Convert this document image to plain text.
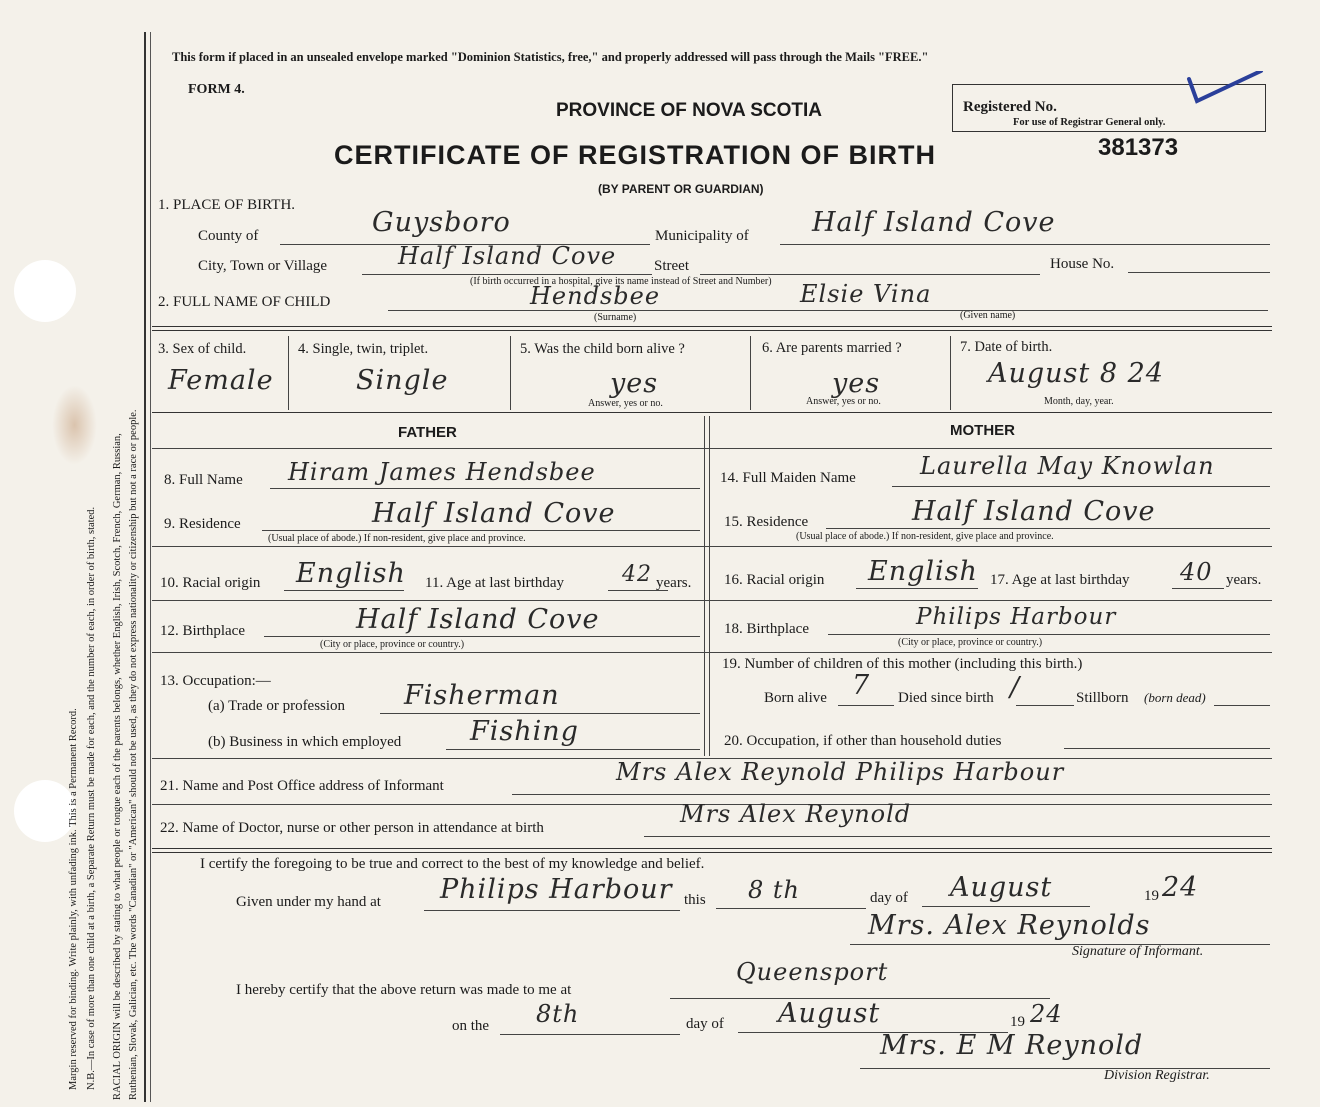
Margin reserved for binding. Write plainly, with unfading ink. This is a Permanent Record. N.B.—In case of more than one child at a birth, a Separate Return must be made for each, and the number of each, in order of birth, stated. RACIAL ORIGIN will be described by stating to what people or tongue each of the parents belongs, whether English, Irish, Scotch, French, German, Russian, Ruthenian, Slovak, Galician, etc. The words "Canadian" or "American" should not be used, as they do not express nationality or citizenship but not a race or people.
This form if placed in an unsealed envelope marked "Dominion Statistics, free," and properly addressed will pass through the Mails "FREE."
FORM 4.
PROVINCE OF NOVA SCOTIA
CERTIFICATE OF REGISTRATION OF BIRTH	381373
(BY PARENT OR GUARDIAN)
Registered No.
For use of Registrar General only.
1. PLACE OF BIRTH.
County of	Guysboro	Municipality of Half Island Cove
City, Town or Village	Half Island Cove	Street
(If birth occurred in a hospital, give its name instead of Street and Number)
House No.
2. FULL NAME OF CHILD	Hendsbee	Elsie Vina
(Surname)	(Given name)
3. Sex of child.
Female
4. Single, twin, triplet.
Single
5. Was the child born alive ?
yes
Answer, yes or no.
6. Are parents married ?
yes
Answer, yes or no.
7. Date of birth.
August 8 24
Month, day, year.
FATHER	MOTHER
8. Full Name Hiram James Hendsbee
9. Residence	Half Island Cove
(Usual place of abode.) If non-resident, give place and province.
10. Racial origin English 11. Age at last birthday	42 years.
12. Birthplace	Half Island Cove
(City or place, province or country.)
13. Occupation:—
(a) Trade or profession Fisherman
(b) Business in which employed	Fishing
14. Full Maiden Name	Laurella May Knowlan
15. Residence	Half Island Cove
(Usual place of abode.) If non-resident, give place and province.
16. Racial origin English 17. Age at last birthday 40 years.
18. Birthplace	Philips Harbour
(City or place, province or country.)
19. Number of children of this mother (including this birth.)
Born alive 7 Died since birth /	Stillborn (born dead)
20. Occupation, if other than household duties
21. Name and Post Office address of Informant	Mrs Alex Reynold Philips Harbour
22. Name of Doctor, nurse or other person in attendance at birth	Mrs Alex Reynold
I certify the foregoing to be true and correct to the best of my knowledge and belief.
Given under my hand at Philips Harbour this 8 th	day of August	19 24
Mrs. Alex Reynolds
Signature of Informant.
I hereby certify that the above return was made to me at
Queensport
on the 8th	day of August	19 24
Mrs. E M Reynold
Division Registrar.
